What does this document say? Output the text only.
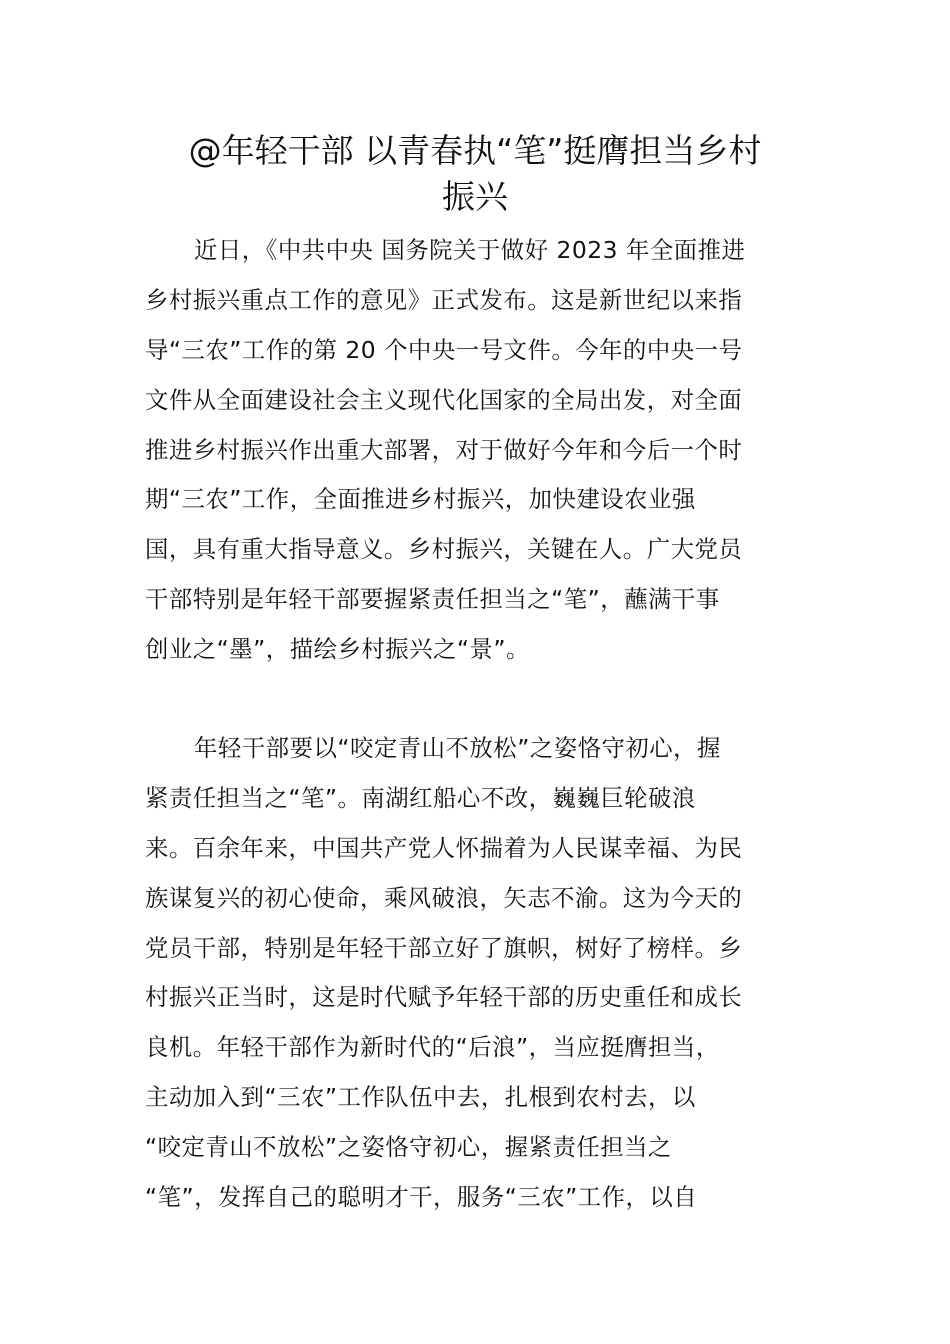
@年轻干部 以青春执“笔”挺膺担当乡村
振兴
近日，《中共中央 国务院关于做好 2023 年全面推进
乡村振兴重点工作的意见》正式发布。这是新世纪以来指
导“三农”工作的第 20 个中央一号文件。今年的中央一号
文件从全面建设社会主义现代化国家的全局出发，对全面
推进乡村振兴作出重大部署，对于做好今年和今后一个时
期“三农”工作，全面推进乡村振兴，加快建设农业强
国，具有重大指导意义。乡村振兴，关键在人。广大党员
干部特别是年轻干部要握紧责任担当之“笔”，蘸满干事
创业之“墨”，描绘乡村振兴之“景”。
年轻干部要以“咬定青山不放松”之姿恪守初心，握
紧责任担当之“笔”。南湖红船心不改，巍巍巨轮破浪
来。百余年来，中国共产党人怀揣着为人民谋幸福、为民
族谋复兴的初心使命，乘风破浪，矢志不渝。这为今天的
党员干部，特别是年轻干部立好了旗帜，树好了榜样。乡
村振兴正当时，这是时代赋予年轻干部的历史重任和成长
良机。年轻干部作为新时代的“后浪”，当应挺膺担当，
主动加入到“三农”工作队伍中去，扎根到农村去，以
“咬定青山不放松”之姿恪守初心，握紧责任担当之
“笔”，发挥自己的聪明才干，服务“三农”工作，以自
